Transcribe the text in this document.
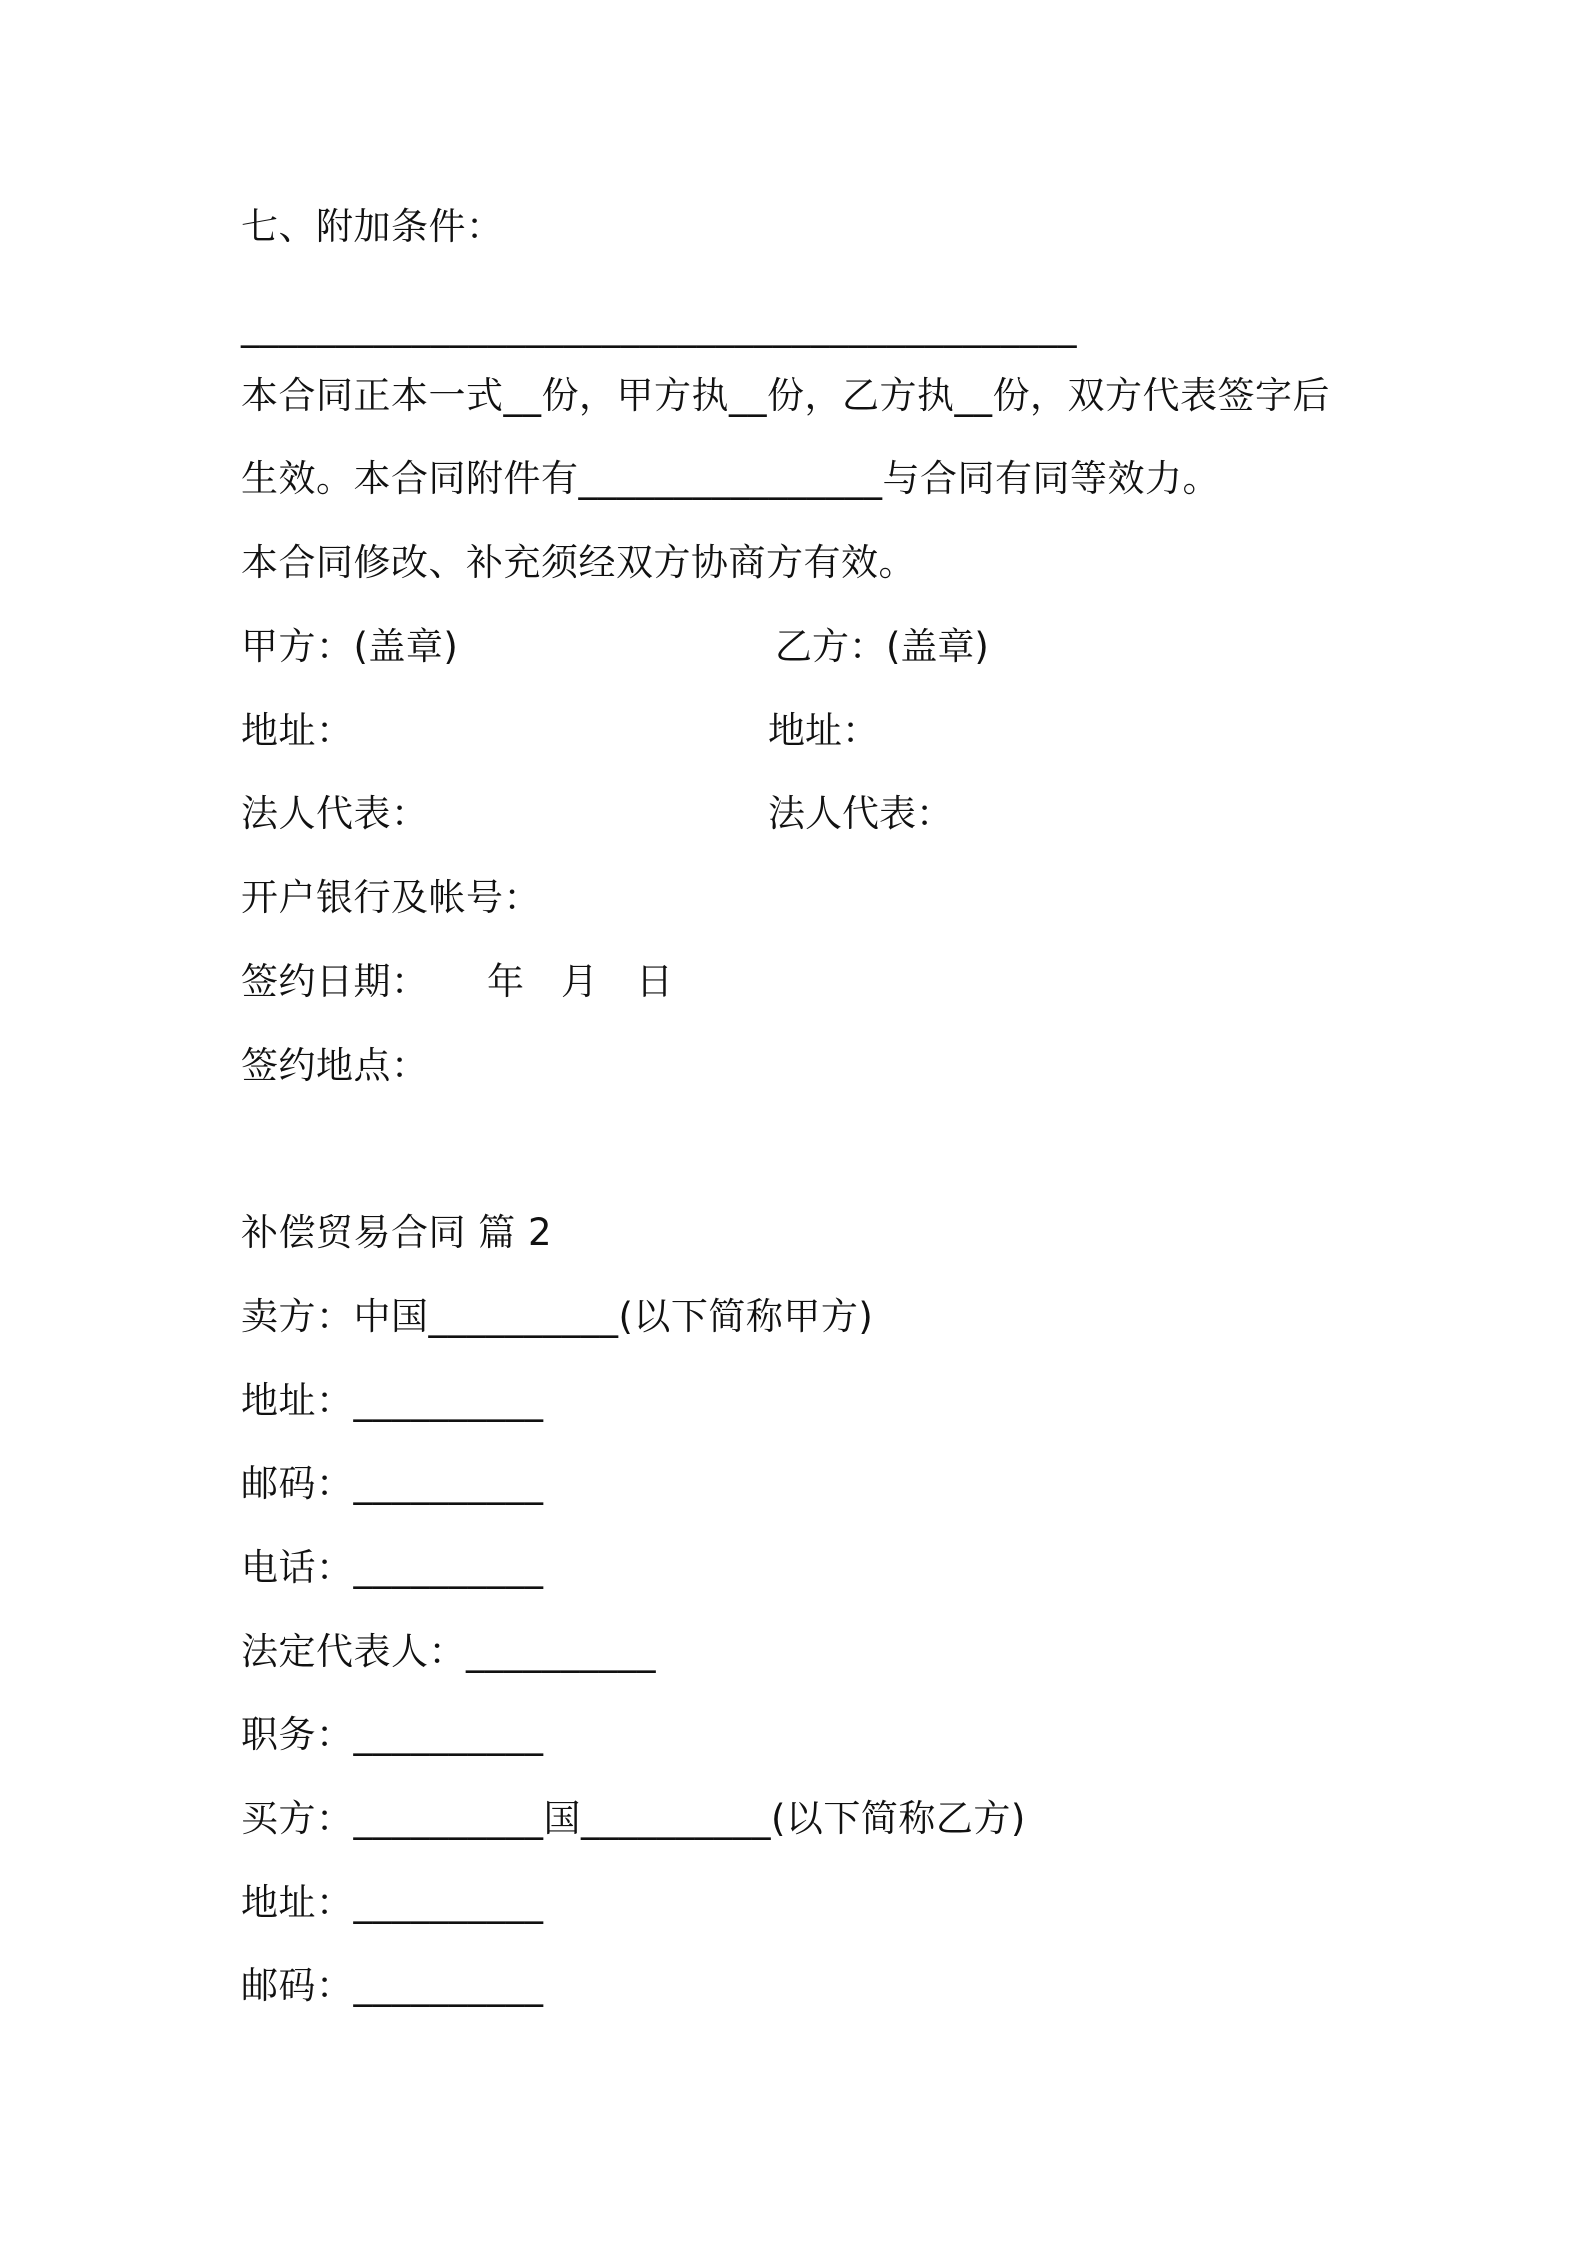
七、附加条件：
____________________________________________
本合同正本一式__份，甲方执__份，乙方执__份，双方代表签字后
生效。本合同附件有________________与合同有同等效力。
本合同修改、补充须经双方协商方有效。
甲方：(盖章)	乙方：(盖章)
地址：	地址：
法人代表：	法人代表：
开户银行及帐号：
签约日期： 年 月 日
签约地点：
补偿贸易合同 篇 2
卖方：中国__________(以下简称甲方)
地址：__________
邮码：__________
电话：__________
法定代表人：__________
职务：__________
买方：__________国__________(以下简称乙方)
地址：__________
邮码：__________
